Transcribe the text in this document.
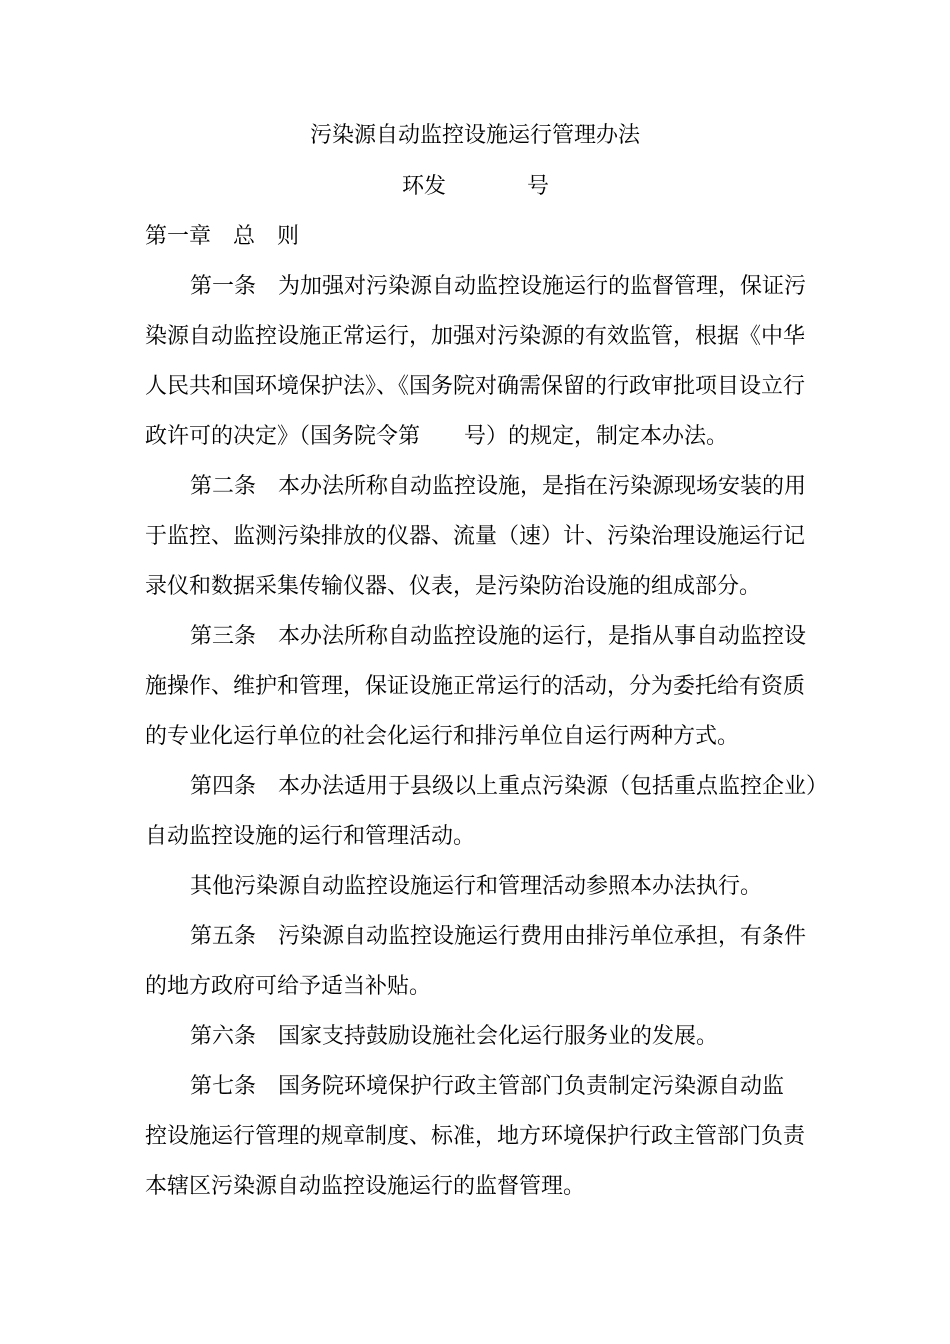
污染源自动监控设施运行管理办法
环发	号
第一章　总　则
第一条　为加强对污染源自动监控设施运行的监督管理，保证污
染源自动监控设施正常运行，加强对污染源的有效监管，根据《中华
人民共和国环境保护法》、《国务院对确需保留的行政审批项目设立行
政许可的决定》（国务院令第　　号）的规定，制定本办法。
第二条　本办法所称自动监控设施，是指在污染源现场安装的用
于监控、监测污染排放的仪器、流量（速）计、污染治理设施运行记
录仪和数据采集传输仪器、仪表，是污染防治设施的组成部分。
第三条　本办法所称自动监控设施的运行，是指从事自动监控设
施操作、维护和管理，保证设施正常运行的活动，分为委托给有资质
的专业化运行单位的社会化运行和排污单位自运行两种方式。
第四条　本办法适用于县级以上重点污染源（包括重点监控企业）
自动监控设施的运行和管理活动。
其他污染源自动监控设施运行和管理活动参照本办法执行。
第五条　污染源自动监控设施运行费用由排污单位承担，有条件
的地方政府可给予适当补贴。
第六条　国家支持鼓励设施社会化运行服务业的发展。
第七条　国务院环境保护行政主管部门负责制定污染源自动监
控设施运行管理的规章制度、标准，地方环境保护行政主管部门负责
本辖区污染源自动监控设施运行的监督管理。
